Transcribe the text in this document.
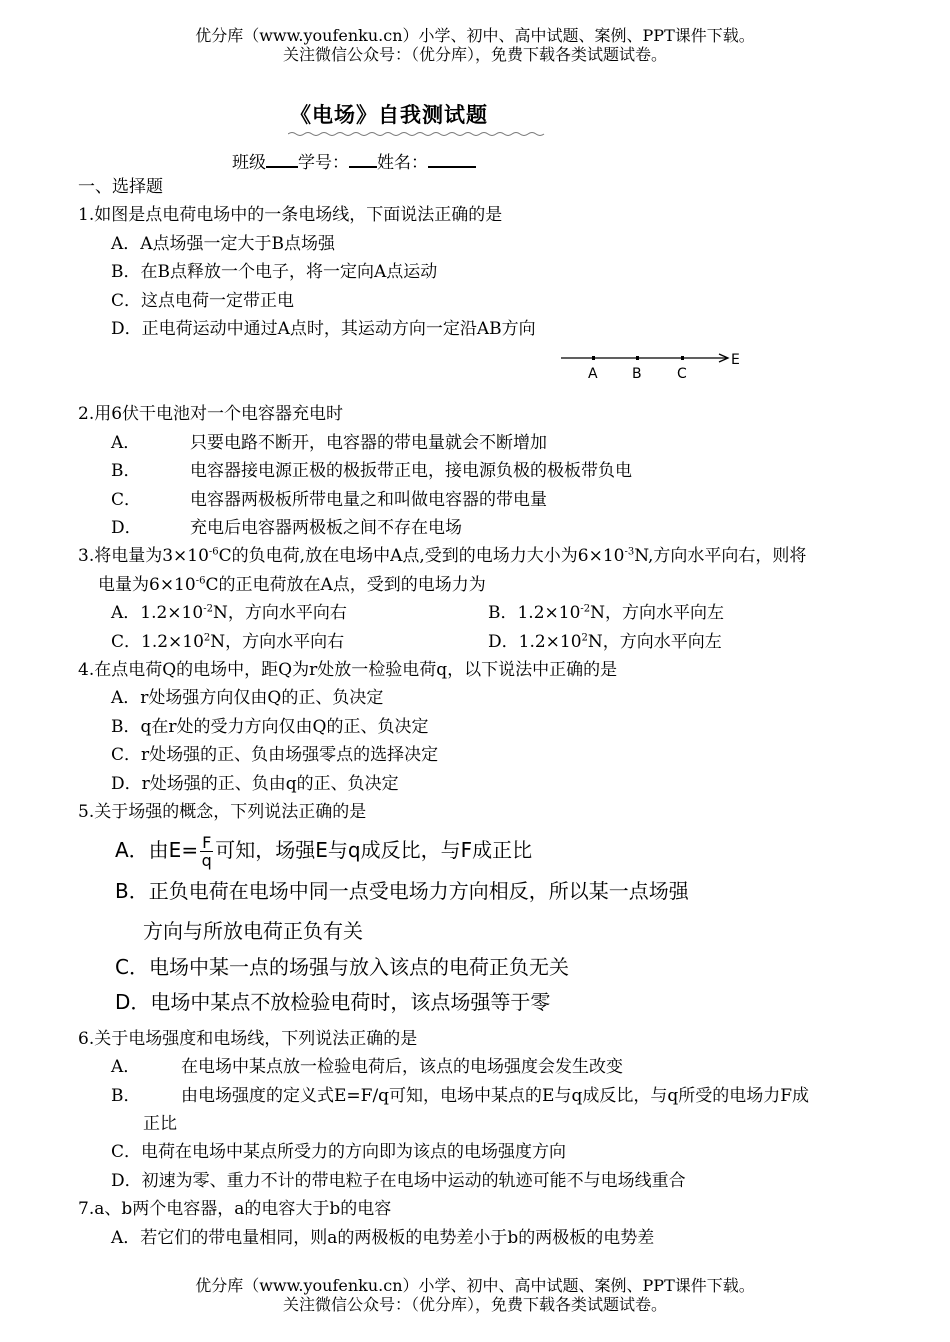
优分库（www.youfenku.cn）小学、初中、高中试题、案例、PPT课件下载。
关注微信公众号：（优分库），免费下载各类试题试卷。
《电场》自我测试题
班级 学号： 姓名：
一、选择题
1.如图是点电荷电场中的一条电场线，下面说法正确的是
A．A点场强一定大于B点场强
B．在B点释放一个电子，将一定向A点运动
C．这点电荷一定带正电
D．正电荷运动中通过A点时，其运动方向一定沿AB方向
A B	C
E
2.用6伏干电池对一个电容器充电时
A．	只要电路不断开，电容器的带电量就会不断增加
B．	电容器接电源正极的极扳带正电，接电源负极的极板带负电
C．	电容器两极板所带电量之和叫做电容器的带电量
D．	充电后电容器两极板之间不存在电场
3.将电量为$3\times 10^{-6}C$的负电荷,放在电场中A点,受到的电场力大小为$6\times 10^{-3}N$,方向水平向右，则将
电量为$6\times 10^{-6}C$的正电荷放在A点，受到的电场力为
A．$1.2\times 10^{-2}N$，方向水平向右	B．$1.2\times 10^{-2}N$，方向水平向左
C．$1.2\times 10^2N$，方向水平向右	D．$1.2\times 10^2N$，方向水平向左
4.在点电荷Q的电场中，距Q为r处放一检验电荷q，以下说法中正确的是
A．r处场强方向仅由Q的正、负决定
B．q在r处的受力方向仅由Q的正、负决定
C．r处场强的正、负由场强零点的选择决定
D．r处场强的正、负由q的正、负决定
5.关于场强的概念，下列说法正确的是
A．由$E= \frac{F}{q}$ 可知，场强E与q成反比，与F成正比
B．正负电荷在电场中同一点受电场力方向相反，所以某一点场强
方向与所放电荷正负有关
C．电场中某一点的场强与放入该点的电荷正负无关
D．电场中某点不放检验电荷时，该点场强等于零
6.关于电场强度和电场线，下列说法正确的是
A． 在电场中某点放一检验电荷后，该点的电场强度会发生改变
B． 由电场强度的定义式E=F/q可知，电场中某点的E与q成反比，与q所受的电场力F成
正比
C．电荷在电场中某点所受力的方向即为该点的电场强度方向
D．初速为零、重力不计的带电粒子在电场中运动的轨迹可能不与电场线重合
7.a、b两个电容器，a的电容大于b的电容
A．若它们的带电量相同，则a的两极板的电势差小于b的两极板的电势差
优分库（www.youfenku.cn）小学、初中、高中试题、案例、PPT课件下载。
关注微信公众号：（优分库），免费下载各类试题试卷。
